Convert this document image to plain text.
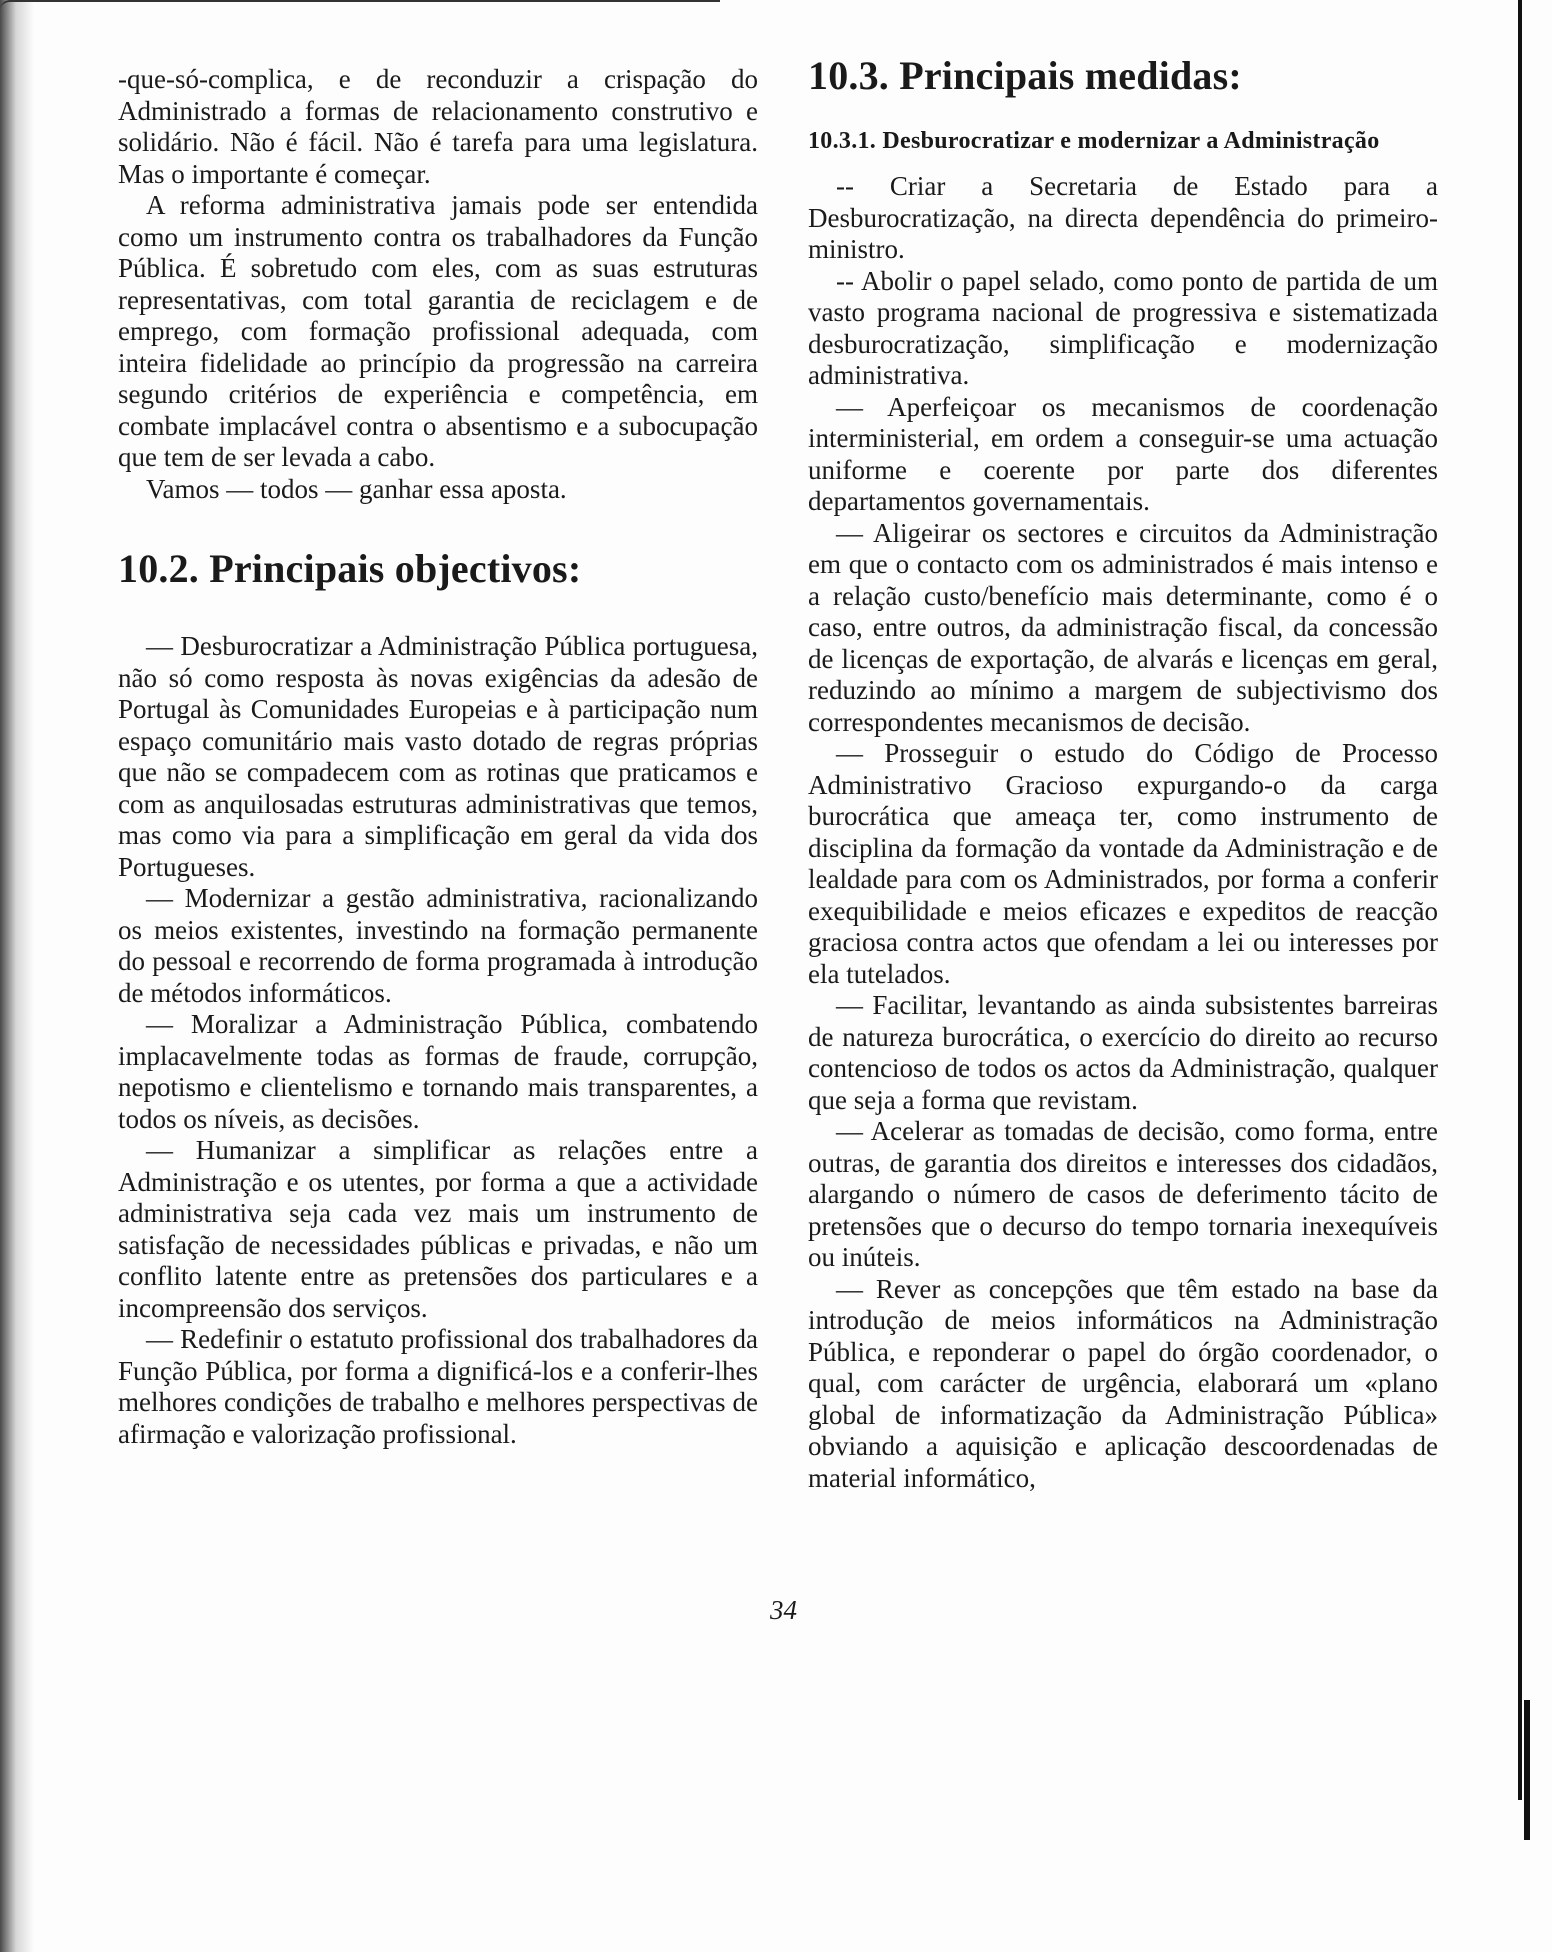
-que-só-complica, e de reconduzir a crispação do Administrado a formas de relacionamento construtivo e solidário. Não é fácil. Não é tarefa para uma legislatura. Mas o importante é começar.

A reforma administrativa jamais pode ser entendida como um instrumento contra os trabalhadores da Função Pública. É sobretudo com eles, com as suas estruturas representativas, com total garantia de reciclagem e de emprego, com formação profissional adequada, com inteira fidelidade ao princípio da progressão na carreira segundo critérios de experiência e competência, em combate implacável contra o absentismo e a subocupação que tem de ser levada a cabo.

Vamos — todos — ganhar essa aposta.

10.2. Principais objectivos:

— Desburocratizar a Administração Pública portuguesa, não só como resposta às novas exigências da adesão de Portugal às Comunidades Europeias e à participação num espaço comunitário mais vasto dotado de regras próprias que não se compadecem com as rotinas que praticamos e com as anquilosadas estruturas administrativas que temos, mas como via para a simplificação em geral da vida dos Portugueses.

— Modernizar a gestão administrativa, racionalizando os meios existentes, investindo na formação permanente do pessoal e recorrendo de forma programada à introdução de métodos informáticos.

— Moralizar a Administração Pública, combatendo implacavelmente todas as formas de fraude, corrupção, nepotismo e clientelismo e tornando mais transparentes, a todos os níveis, as decisões.

— Humanizar a simplificar as relações entre a Administração e os utentes, por forma a que a actividade administrativa seja cada vez mais um instrumento de satisfação de necessidades públicas e privadas, e não um conflito latente entre as pretensões dos particulares e a incompreensão dos serviços.

— Redefinir o estatuto profissional dos trabalhadores da Função Pública, por forma a dignificá-los e a conferir-lhes melhores condições de trabalho e melhores perspectivas de afirmação e valorização profissional.

10.3. Principais medidas:
10.3.1. Desburocratizar e modernizar a Administração

-- Criar a Secretaria de Estado para a Desburocratização, na directa dependência do primeiro-ministro.

-- Abolir o papel selado, como ponto de partida de um vasto programa nacional de progressiva e sistematizada desburocratização, simplificação e modernização administrativa.

— Aperfeiçoar os mecanismos de coordenação interministerial, em ordem a conseguir-se uma actuação uniforme e coerente por parte dos diferentes departamentos governamentais.

— Aligeirar os sectores e circuitos da Administração em que o contacto com os administrados é mais intenso e a relação custo/benefício mais determinante, como é o caso, entre outros, da administração fiscal, da concessão de licenças de exportação, de alvarás e licenças em geral, reduzindo ao mínimo a margem de subjectivismo dos correspondentes mecanismos de decisão.

— Prosseguir o estudo do Código de Processo Administrativo Gracioso expurgando-o da carga burocrática que ameaça ter, como instrumento de disciplina da formação da vontade da Administração e de lealdade para com os Administrados, por forma a conferir exequibilidade e meios eficazes e expeditos de reacção graciosa contra actos que ofendam a lei ou interesses por ela tutelados.

— Facilitar, levantando as ainda subsistentes barreiras de natureza burocrática, o exercício do direito ao recurso contencioso de todos os actos da Administração, qualquer que seja a forma que revistam.

— Acelerar as tomadas de decisão, como forma, entre outras, de garantia dos direitos e interesses dos cidadãos, alargando o número de casos de deferimento tácito de pretensões que o decurso do tempo tornaria inexequíveis ou inúteis.

— Rever as concepções que têm estado na base da introdução de meios informáticos na Administração Pública, e reponderar o papel do órgão coordenador, o qual, com carácter de urgência, elaborará um «plano global de informatização da Administração Pública» obviando a aquisição e aplicação descoordenadas de material informático,

34
